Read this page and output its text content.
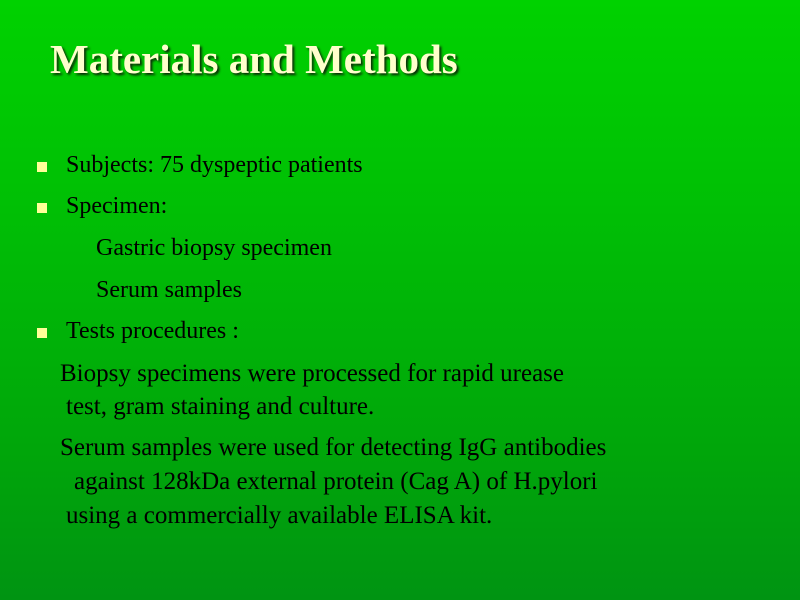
Materials and Methods
Subjects: 75 dyspeptic patients
Specimen:
Gastric biopsy specimen
Serum samples
Tests procedures :
Biopsy specimens were processed for rapid urease
test, gram staining and culture.
Serum samples were used for detecting IgG antibodies
against 128kDa external protein (Cag A) of H.pylori
using a commercially available ELISA kit.
